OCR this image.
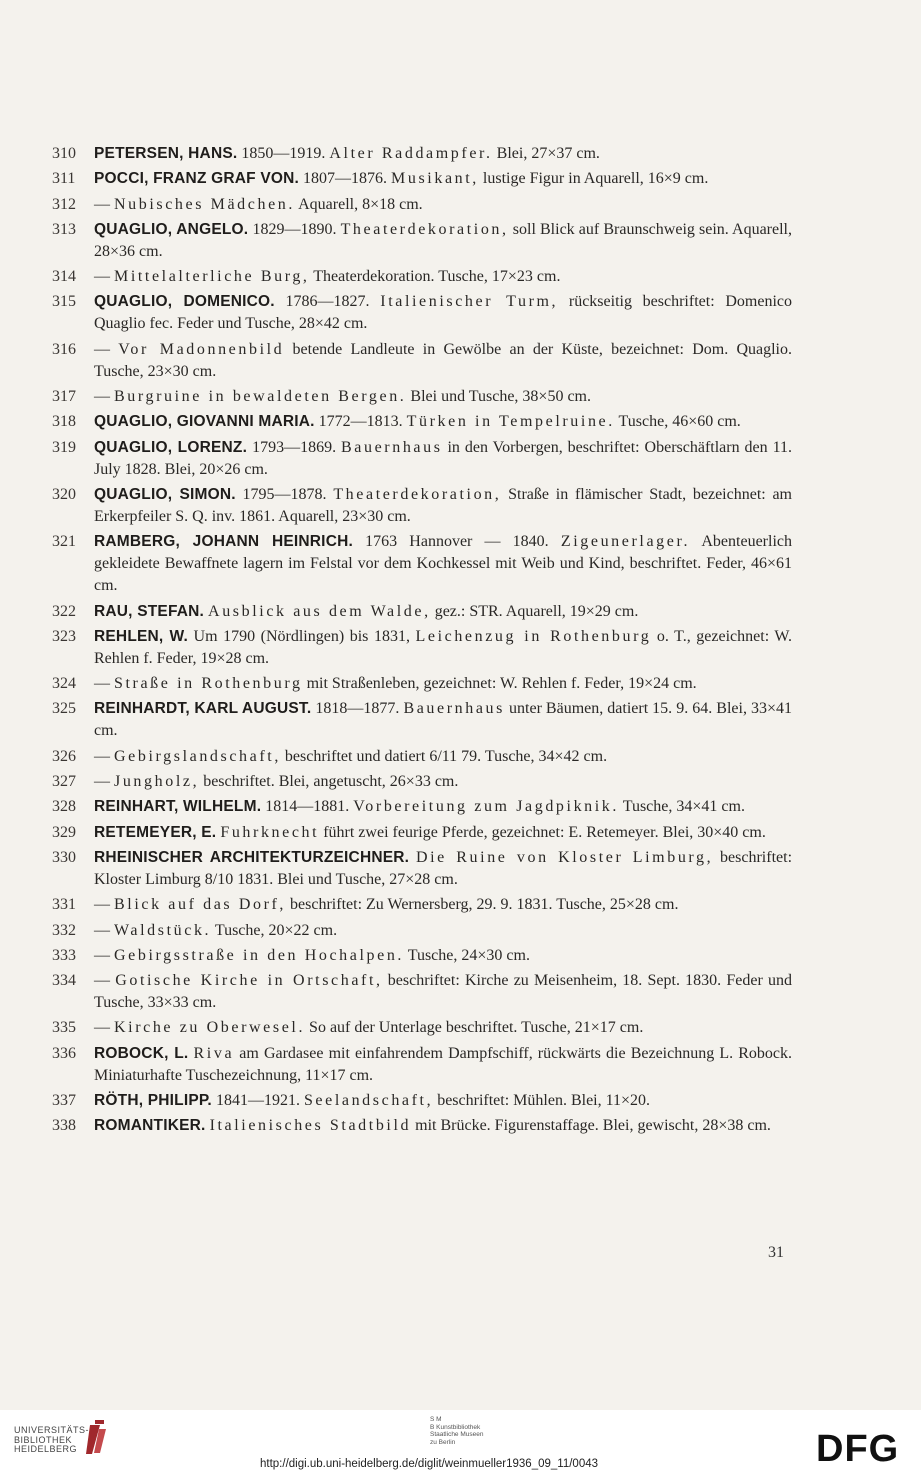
310	PETERSEN, HANS. 1850—1919. Alter Raddampfer. Blei, 27×37 cm.
311	POCCI, FRANZ GRAF VON. 1807—1876. Musikant, lustige Figur in Aquarell, 16×9 cm.
312	— Nubisches Mädchen. Aquarell, 8×18 cm.
313	QUAGLIO, ANGELO. 1829—1890. Theaterdekoration, soll Blick auf Braunschweig sein. Aquarell, 28×36 cm.
314	— Mittelalterliche Burg, Theaterdekoration. Tusche, 17×23 cm.
315	QUAGLIO, DOMENICO. 1786—1827. Italienischer Turm, rückseitig beschriftet: Domenico Quaglio fec. Feder und Tusche, 28×42 cm.
316	— Vor Madonnenbild betende Landleute in Gewölbe an der Küste, bezeichnet: Dom. Quaglio. Tusche, 23×30 cm.
317	— Burgruine in bewaldeten Bergen. Blei und Tusche, 38×50 cm.
318	QUAGLIO, GIOVANNI MARIA. 1772—1813. Türken in Tempelruine. Tusche, 46×60 cm.
319	QUAGLIO, LORENZ. 1793—1869. Bauernhaus in den Vorbergen, beschriftet: Oberschäftlarn den 11. July 1828. Blei, 20×26 cm.
320	QUAGLIO, SIMON. 1795—1878. Theaterdekoration, Straße in flämischer Stadt, bezeichnet: am Erkerpfeiler S. Q. inv. 1861. Aquarell, 23×30 cm.
321	RAMBERG, JOHANN HEINRICH. 1763 Hannover — 1840. Zigeunerlager. Abenteuerlich gekleidete Bewaffnete lagern im Felstal vor dem Kochkessel mit Weib und Kind, beschriftet. Feder, 46×61 cm.
322	RAU, STEFAN. Ausblick aus dem Walde, gez.: STR. Aquarell, 19×29 cm.
323	REHLEN, W. Um 1790 (Nördlingen) bis 1831, Leichenzug in Rothenburg o. T., gezeichnet: W. Rehlen f. Feder, 19×28 cm.
324	— Straße in Rothenburg mit Straßenleben, gezeichnet: W. Rehlen f. Feder, 19×24 cm.
325	REINHARDT, KARL AUGUST. 1818—1877. Bauernhaus unter Bäumen, datiert 15. 9. 64. Blei, 33×41 cm.
326	— Gebirgslandschaft, beschriftet und datiert 6/11 79. Tusche, 34×42 cm.
327	— Jungholz, beschriftet. Blei, angetuscht, 26×33 cm.
328	REINHART, WILHELM. 1814—1881. Vorbereitung zum Jagdpiknik. Tusche, 34×41 cm.
329	RETEMEYER, E. Fuhrknecht führt zwei feurige Pferde, gezeichnet: E. Retemeyer. Blei, 30×40 cm.
330	RHEINISCHER ARCHITEKTURZEICHNER. Die Ruine von Kloster Limburg, beschriftet: Kloster Limburg 8/10 1831. Blei und Tusche, 27×28 cm.
331	— Blick auf das Dorf, beschriftet: Zu Wernersberg, 29. 9. 1831. Tusche, 25×28 cm.
332	— Waldstück. Tusche, 20×22 cm.
333	— Gebirgsstraße in den Hochalpen. Tusche, 24×30 cm.
334	— Gotische Kirche in Ortschaft, beschriftet: Kirche zu Meisenheim, 18. Sept. 1830. Feder und Tusche, 33×33 cm.
335	— Kirche zu Oberwesel. So auf der Unterlage beschriftet. Tusche, 21×17 cm.
336	ROBOCK, L. Riva am Gardasee mit einfahrendem Dampfschiff, rückwärts die Bezeichnung L. Robock. Miniaturhafte Tuschezeichnung, 11×17 cm.
337	RÖTH, PHILIPP. 1841—1921. Seelandschaft, beschriftet: Mühlen. Blei, 11×20.
338	ROMANTIKER. Italienisches Stadtbild mit Brücke. Figurenstaffage. Blei, gewischt, 28×38 cm.
31
UNIVERSITÄTS-
BIBLIOTHEK
HEIDELBERG
S M
B Kunstbibliothek
Staatliche Museen
zu Berlin	DFG
http://digi.ub.uni-heidelberg.de/diglit/weinmueller1936_09_11/0043
